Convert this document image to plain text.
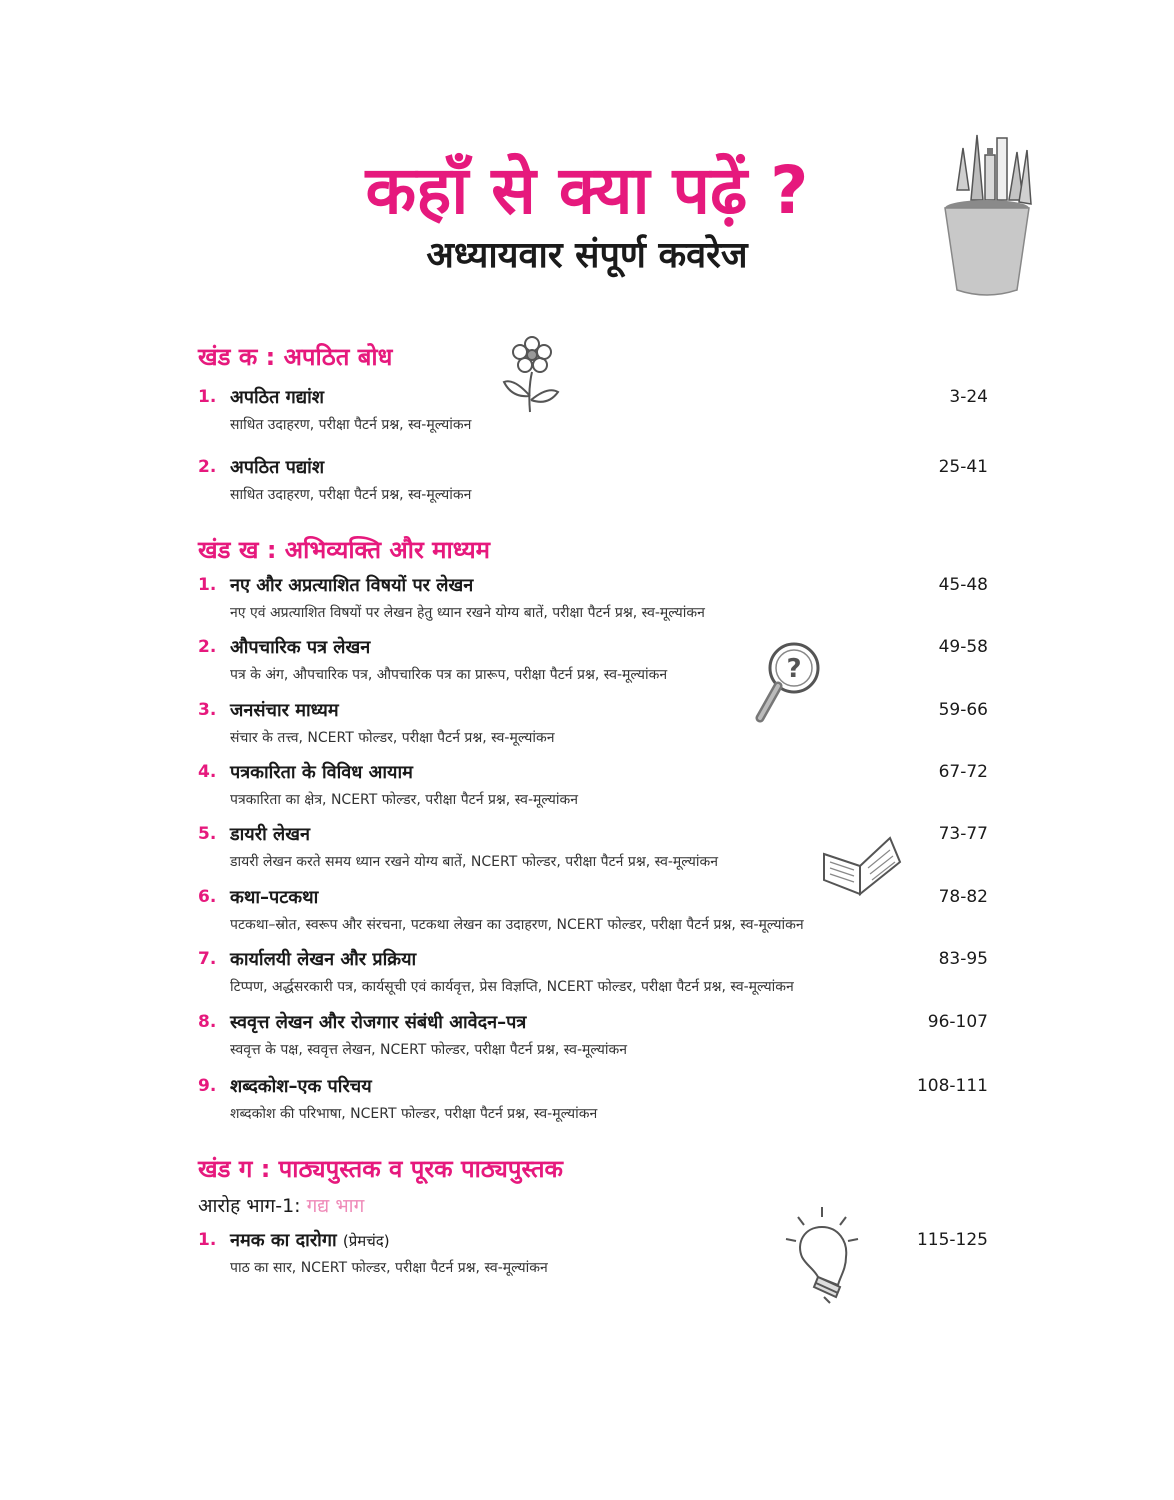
कहाँ से क्या पढ़ें ?
अध्यायवार संपूर्ण कवरेज
खंड क : अपठित बोध
1. अपठित गद्यांश	3-24
साधित उदाहरण, परीक्षा पैटर्न प्रश्न, स्व-मूल्यांकन
2. अपठित पद्यांश	25-41
साधित उदाहरण, परीक्षा पैटर्न प्रश्न, स्व-मूल्यांकन
खंड ख : अभिव्यक्ति और माध्यम
1. नए और अप्रत्याशित विषयों पर लेखन	45-48
नए एवं अप्रत्याशित विषयों पर लेखन हेतु ध्यान रखने योग्य बातें, परीक्षा पैटर्न प्रश्न, स्व-मूल्यांकन
2. औपचारिक पत्र लेखन	49-58
पत्र के अंग, औपचारिक पत्र, औपचारिक पत्र का प्रारूप, परीक्षा पैटर्न प्रश्न, स्व-मूल्यांकन	?
3. जनसंचार माध्यम	59-66
संचार के तत्त्व, NCERT फोल्डर, परीक्षा पैटर्न प्रश्न, स्व-मूल्यांकन
4. पत्रकारिता के विविध आयाम	67-72
पत्रकारिता का क्षेत्र, NCERT फोल्डर, परीक्षा पैटर्न प्रश्न, स्व-मूल्यांकन
5. डायरी लेखन	73-77
डायरी लेखन करते समय ध्यान रखने योग्य बातें, NCERT फोल्डर, परीक्षा पैटर्न प्रश्न, स्व-मूल्यांकन
6. कथा–पटकथा	78-82
पटकथा–स्रोत, स्वरूप और संरचना, पटकथा लेखन का उदाहरण, NCERT फोल्डर, परीक्षा पैटर्न प्रश्न, स्व-मूल्यांकन
7. कार्यालयी लेखन और प्रक्रिया	83-95
टिप्पण, अर्द्धसरकारी पत्र, कार्यसूची एवं कार्यवृत्त, प्रेस विज्ञप्ति, NCERT फोल्डर, परीक्षा पैटर्न प्रश्न, स्व-मूल्यांकन
8. स्ववृत्त लेखन और रोजगार संबंधी आवेदन–पत्र	96-107
स्ववृत्त के पक्ष, स्ववृत्त लेखन, NCERT फोल्डर, परीक्षा पैटर्न प्रश्न, स्व-मूल्यांकन
9. शब्दकोश–एक परिचय	108-111
शब्दकोश की परिभाषा, NCERT फोल्डर, परीक्षा पैटर्न प्रश्न, स्व-मूल्यांकन
खंड ग : पाठ्यपुस्तक व पूरक पाठ्यपुस्तक
आरोह भाग-1: गद्य भाग
1. नमक का दारोगा (प्रेमचंद)	115-125
पाठ का सार, NCERT फोल्डर, परीक्षा पैटर्न प्रश्न, स्व-मूल्यांकन
